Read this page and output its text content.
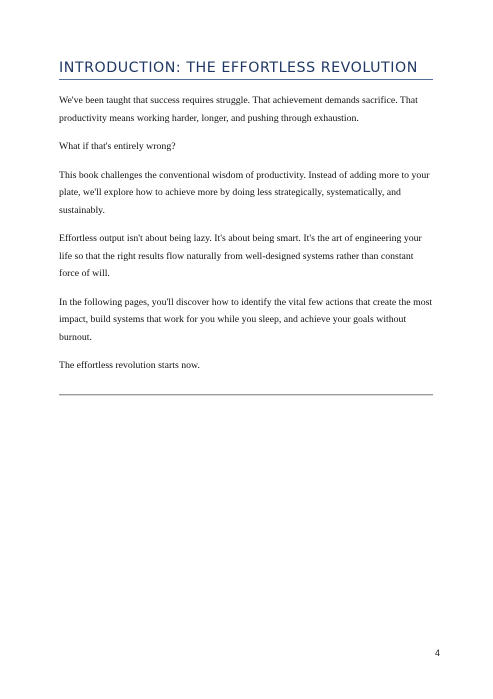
INTRODUCTION: THE EFFORTLESS REVOLUTION

We've been taught that success requires struggle. That achievement demands sacrifice. That productivity means working harder, longer, and pushing through exhaustion.

What if that's entirely wrong?

This book challenges the conventional wisdom of productivity. Instead of adding more to your plate, we'll explore how to achieve more by doing less strategically, systematically, and sustainably.

Effortless output isn't about being lazy. It's about being smart. It's the art of engineering your life so that the right results flow naturally from well-designed systems rather than constant force of will.

In the following pages, you'll discover how to identify the vital few actions that create the most impact, build systems that work for you while you sleep, and achieve your goals without burnout.

The effortless revolution starts now.

4
